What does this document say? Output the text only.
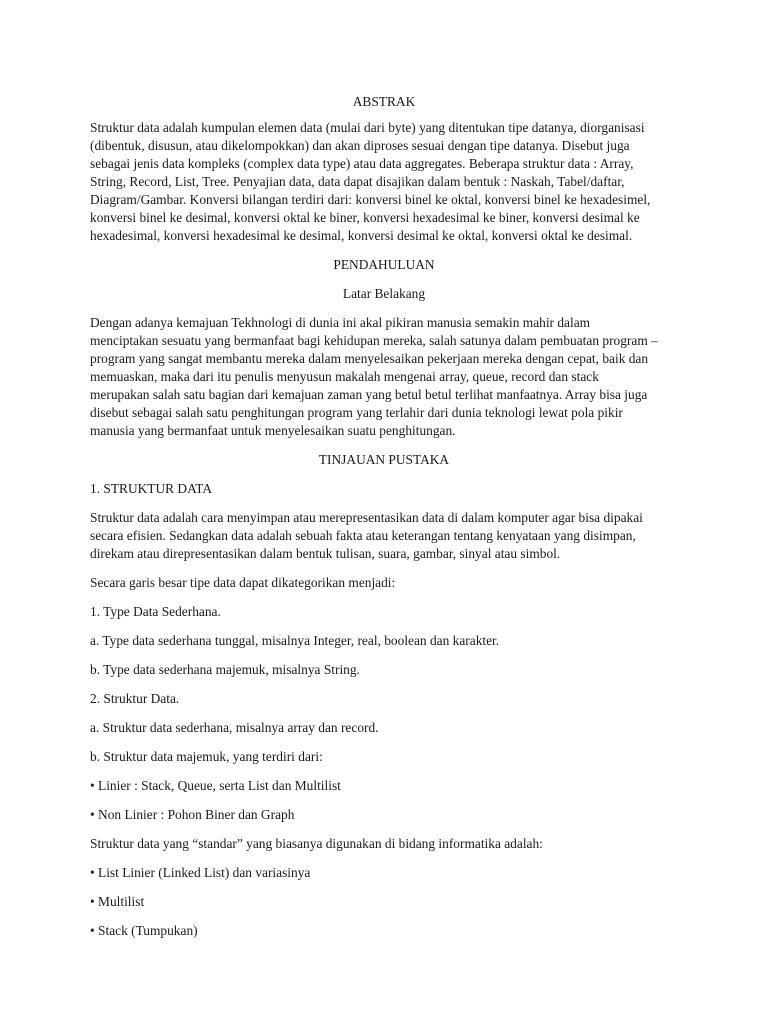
ABSTRAK

Struktur data adalah kumpulan elemen data (mulai dari byte) yang ditentukan tipe datanya, diorganisasi
(dibentuk, disusun, atau dikelompokkan) dan akan diproses sesuai dengan tipe datanya. Disebut juga
sebagai jenis data kompleks (complex data type) atau data aggregates. Beberapa struktur data : Array,
String, Record, List, Tree. Penyajian data, data dapat disajikan dalam bentuk : Naskah, Tabel/daftar,
Diagram/Gambar. Konversi bilangan terdiri dari: konversi binel ke oktal, konversi binel ke hexadesimel,
konversi binel ke desimal, konversi oktal ke biner, konversi hexadesimal ke biner, konversi desimal ke
hexadesimal, konversi hexadesimal ke desimal, konversi desimal ke oktal, konversi oktal ke desimal.

PENDAHULUAN

Latar Belakang

Dengan adanya kemajuan Tekhnologi di dunia ini akal pikiran manusia semakin mahir dalam
menciptakan sesuatu yang bermanfaat bagi kehidupan mereka, salah satunya dalam pembuatan program –
program yang sangat membantu mereka dalam menyelesaikan pekerjaan mereka dengan cepat, baik dan
memuaskan, maka dari itu penulis menyusun makalah mengenai array, queue, record dan stack
merupakan salah satu bagian dari kemajuan zaman yang betul betul terlihat manfaatnya. Array bisa juga
disebut sebagai salah satu penghitungan program yang terlahir dari dunia teknologi lewat pola pikir
manusia yang bermanfaat untuk menyelesaikan suatu penghitungan.

TINJAUAN PUSTAKA

1. STRUKTUR DATA

Struktur data adalah cara menyimpan atau merepresentasikan data di dalam komputer agar bisa dipakai
secara efisien. Sedangkan data adalah sebuah fakta atau keterangan tentang kenyataan yang disimpan,
direkam atau direpresentasikan dalam bentuk tulisan, suara, gambar, sinyal atau simbol.

Secara garis besar tipe data dapat dikategorikan menjadi:

1. Type Data Sederhana.

a. Type data sederhana tunggal, misalnya Integer, real, boolean dan karakter.

b. Type data sederhana majemuk, misalnya String.

2. Struktur Data.

a. Struktur data sederhana, misalnya array dan record.

b. Struktur data majemuk, yang terdiri dari:

• Linier : Stack, Queue, serta List dan Multilist

• Non Linier : Pohon Biner dan Graph

Struktur data yang “standar” yang biasanya digunakan di bidang informatika adalah:

• List Linier (Linked List) dan variasinya

• Multilist

• Stack (Tumpukan)
